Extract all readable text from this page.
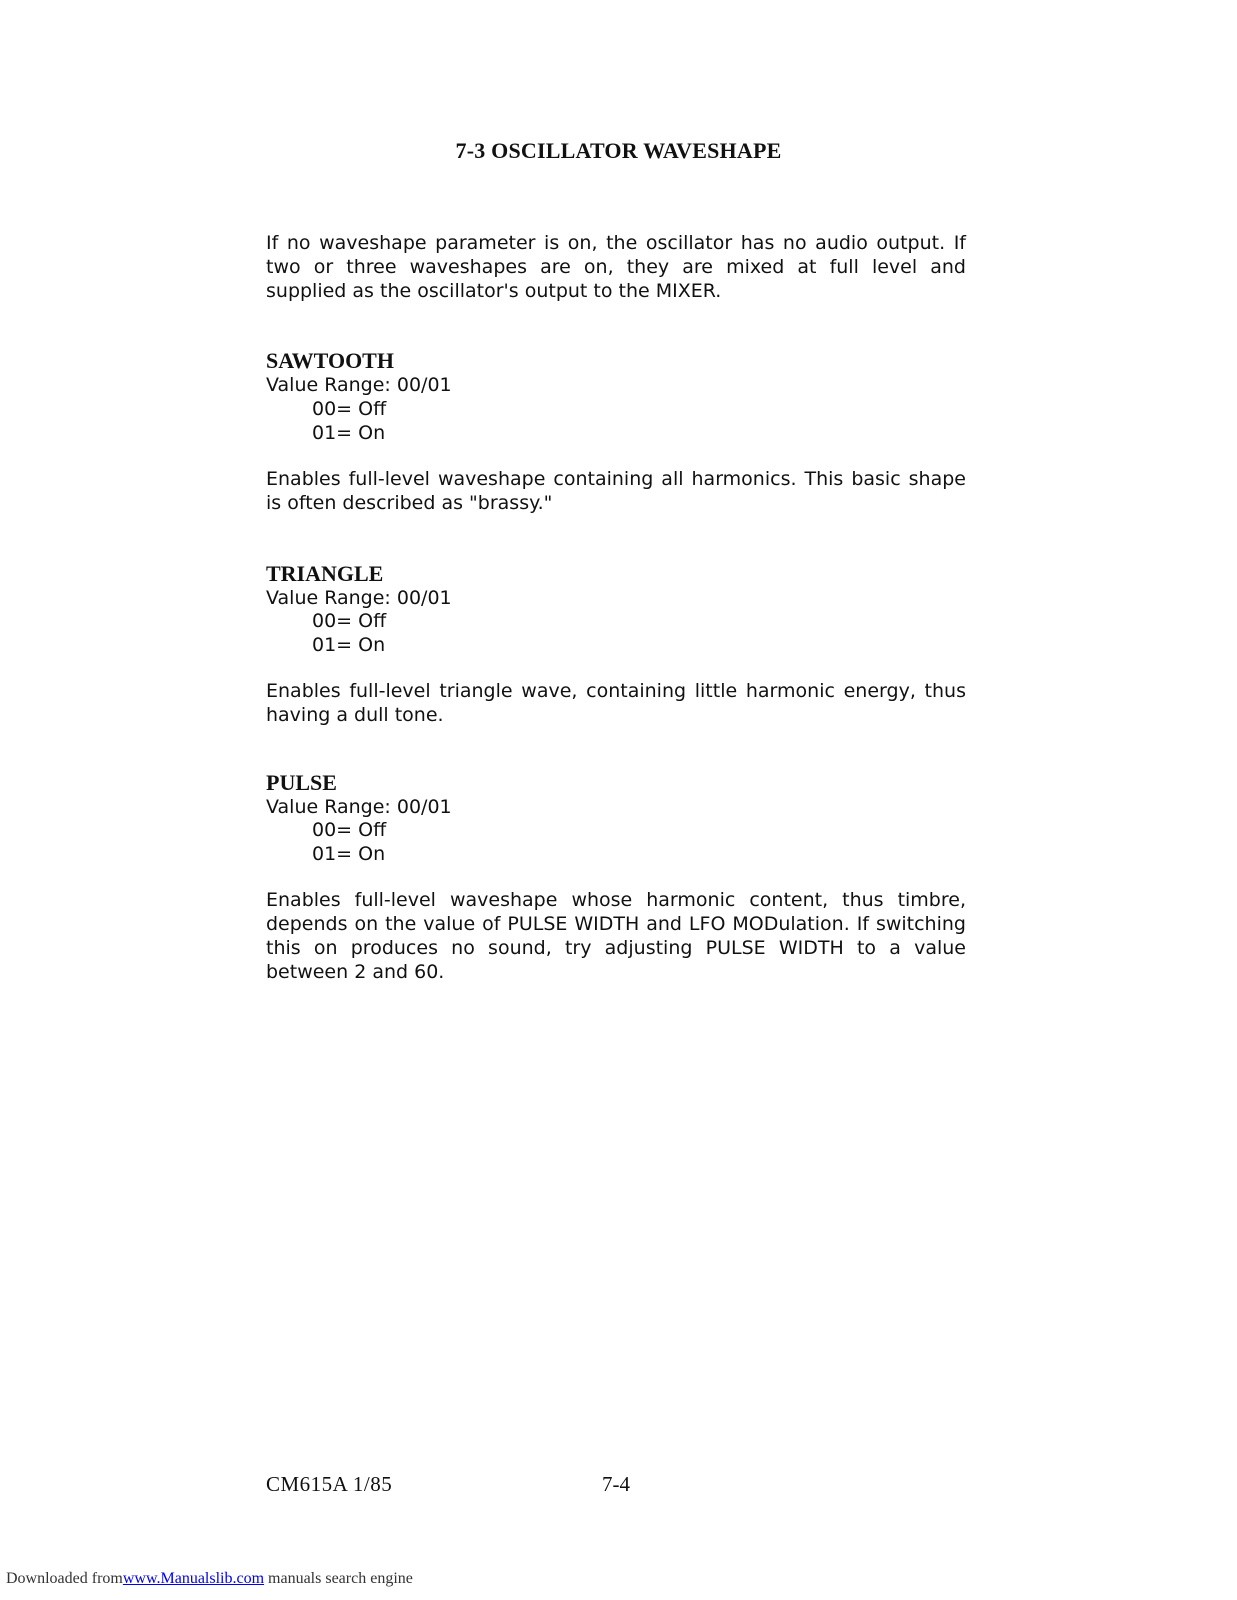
7-3 OSCILLATOR WAVESHAPE

If no waveshape parameter is on, the oscillator has no audio output. If two or three waveshapes are on, they are mixed at full level and supplied as the oscillator's output to the MIXER.

SAWTOOTH

Value Range: 00/01

00= Off

01= On

Enables full-level waveshape containing all harmonics. This basic shape is often described as "brassy."

TRIANGLE

Value Range: 00/01

00= Off

01= On

Enables full-level triangle wave, containing little harmonic energy, thus having a dull tone.

PULSE

Value Range: 00/01

00= Off

01= On

Enables full-level waveshape whose harmonic content, thus timbre, depends on the value of PULSE WIDTH and LFO MODulation. If switching this on produces no sound, try adjusting PULSE WIDTH to a value between 2 and 60.

CM615A 1/85	7-4
Downloaded fromwww.Manualslib.com manuals search engine
